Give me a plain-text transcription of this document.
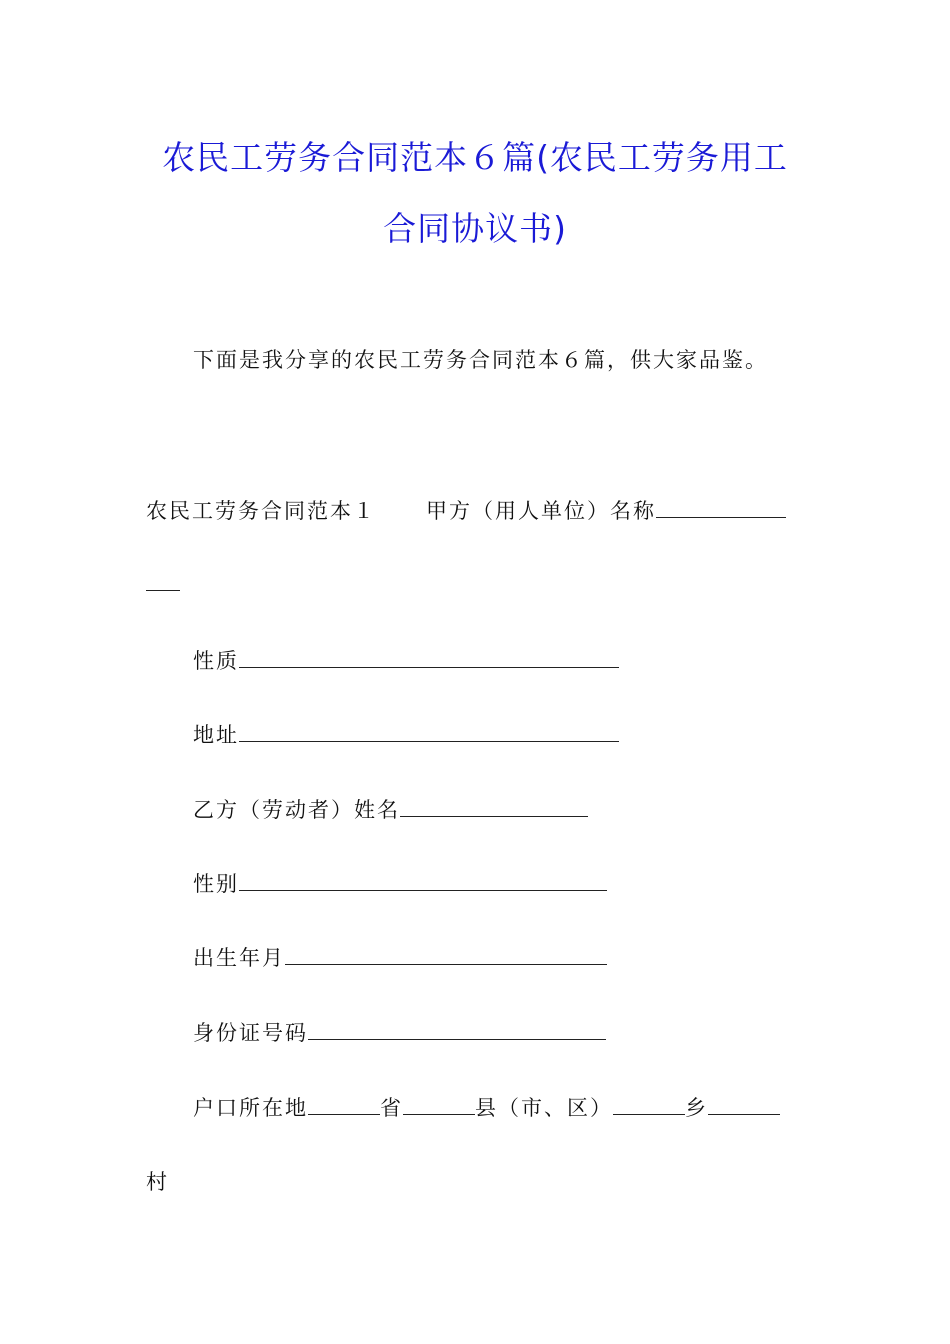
农民工劳务合同范本６篇(农民工劳务用工
合同协议书)
下面是我分享的农民工劳务合同范本６篇，供大家品鉴。
农民工劳务合同范本１ 甲方（用人单位）名称
性质
地址
乙方（劳动者）姓名
性别
出生年月
身份证号码
户口所在地	省	县（市、区）	乡
村
